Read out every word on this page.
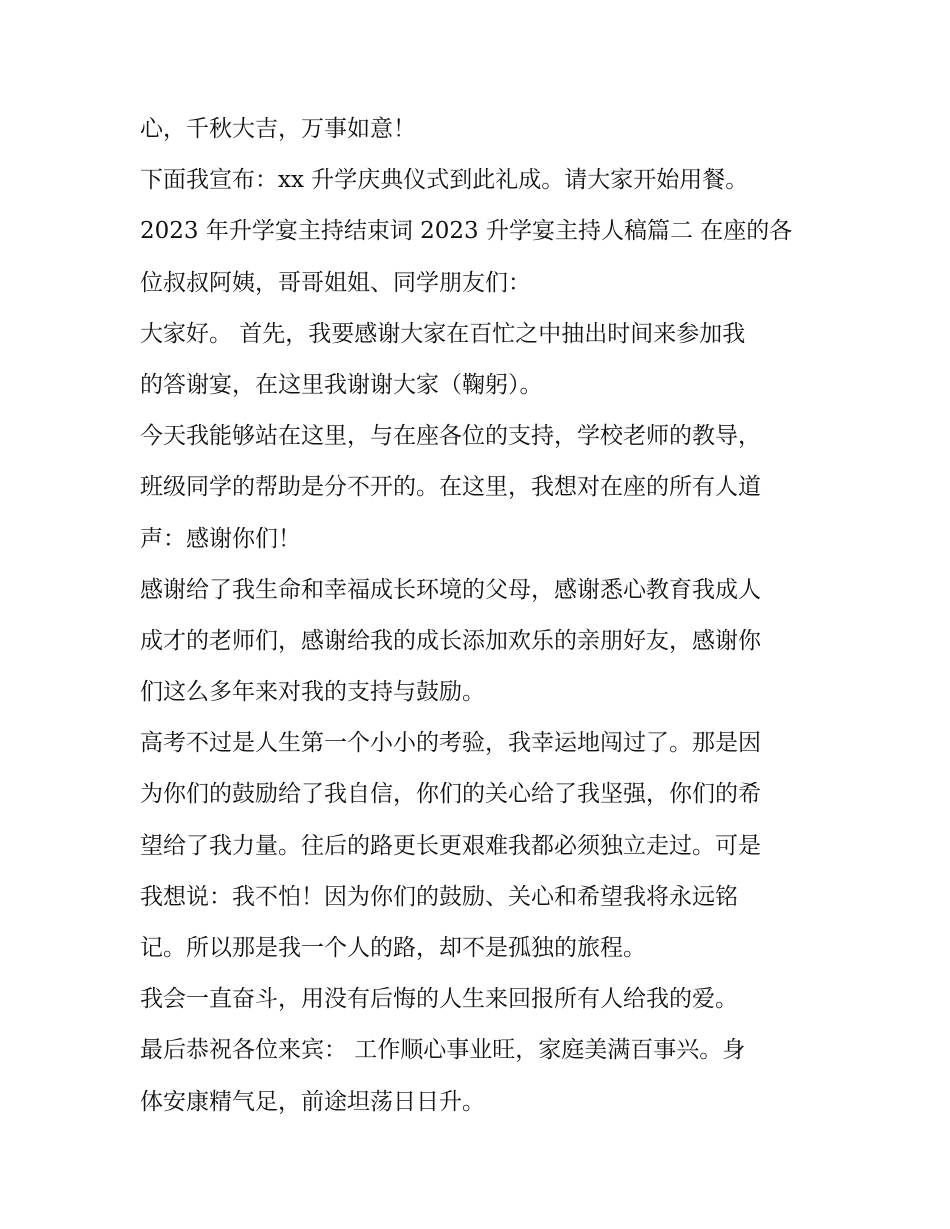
心，千秋大吉，万事如意！
下面我宣布：xx 升学庆典仪式到此礼成。请大家开始用餐。
2023 年升学宴主持结束词 2023 升学宴主持人稿篇二 在座的各
位叔叔阿姨，哥哥姐姐、同学朋友们：
大家好。 首先，我要感谢大家在百忙之中抽出时间来参加我
的答谢宴，在这里我谢谢大家（鞠躬）。
今天我能够站在这里，与在座各位的支持，学校老师的教导，
班级同学的帮助是分不开的。在这里，我想对在座的所有人道
声：感谢你们！
感谢给了我生命和幸福成长环境的父母，感谢悉心教育我成人
成才的老师们，感谢给我的成长添加欢乐的亲朋好友，感谢你
们这么多年来对我的支持与鼓励。
高考不过是人生第一个小小的考验，我幸运地闯过了。那是因
为你们的鼓励给了我自信，你们的关心给了我坚强，你们的希
望给了我力量。往后的路更长更艰难我都必须独立走过。可是
我想说：我不怕！因为你们的鼓励、关心和希望我将永远铭
记。所以那是我一个人的路，却不是孤独的旅程。
我会一直奋斗，用没有后悔的人生来回报所有人给我的爱。
最后恭祝各位来宾： 工作顺心事业旺，家庭美满百事兴。身
体安康精气足，前途坦荡日日升。
